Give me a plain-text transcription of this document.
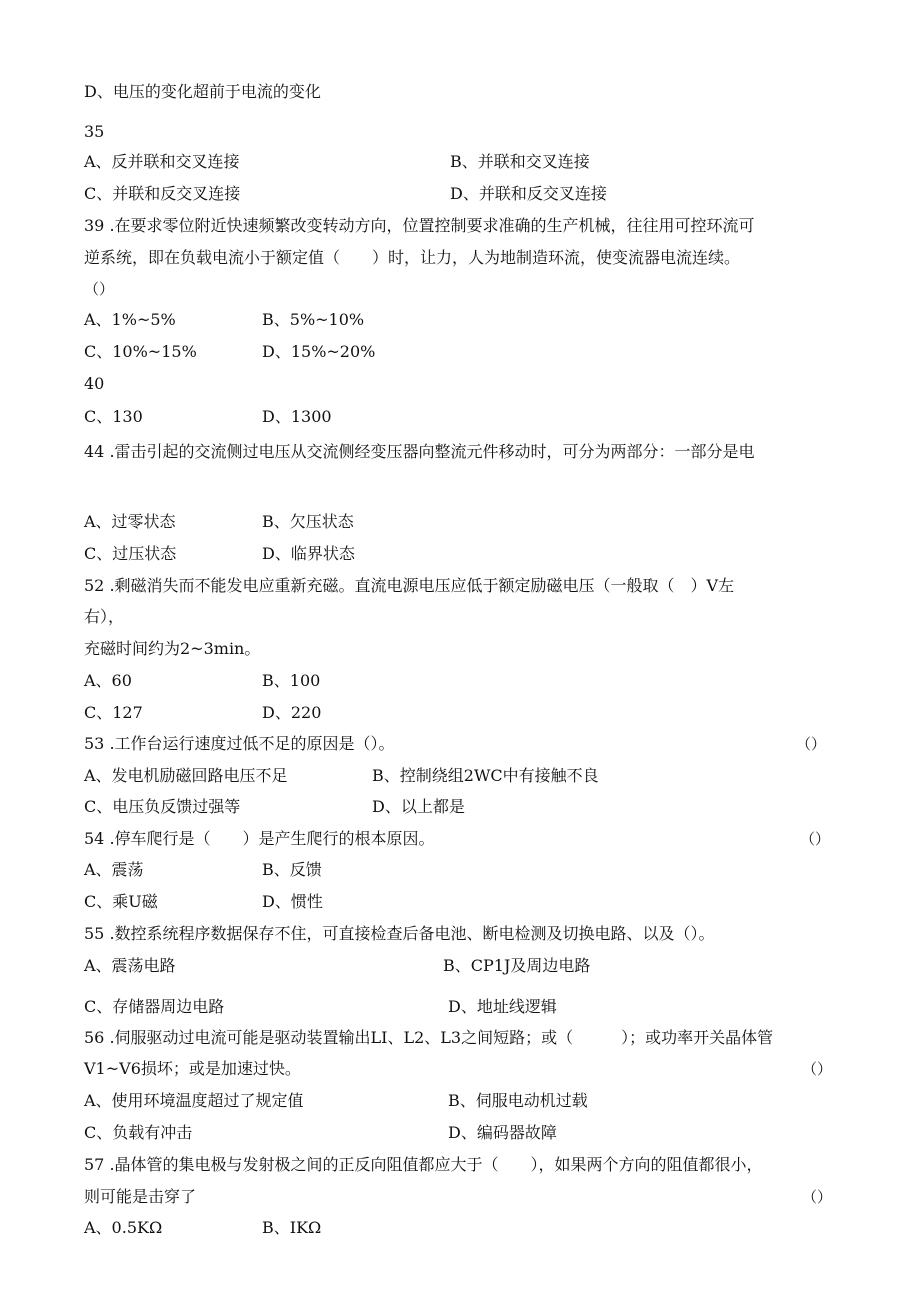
D、电压的变化超前于电流的变化
35
A、反并联和交叉连接	B、并联和交叉连接
C、并联和反交叉连接	D、并联和反交叉连接
39 .在要求零位附近快速频繁改变转动方向，位置控制要求准确的生产机械，往往用可控环流可
逆系统，即在负载电流小于额定值（　　）时，让力，人为地制造环流，使变流器电流连续。
（）
A、1%~5%	B、5%~10%
C、10%~15%	D、15%~20%
40
C、130	D、1300
44 .雷击引起的交流侧过电压从交流侧经变压器向整流元件移动时，可分为两部分：一部分是电
A、过零状态	B、欠压状态
C、过压状态	D、临界状态
52 .剩磁消失而不能发电应重新充磁。直流电源电压应低于额定励磁电压（一般取（　）V左
右），
充磁时间约为2~3min。
A、60	B、100
C、127	D、220
53 .工作台运行速度过低不足的原因是（）。	（）
A、发电机励磁回路电压不足	B、控制绕组2WC中有接触不良
C、电压负反馈过强等	D、以上都是
54 .停车爬行是（　　）是产生爬行的根本原因。	（）
A、震荡	B、反馈
C、乘U磁	D、惯性
55 .数控系统程序数据保存不住，可直接检查后备电池、断电检测及切换电路、以及（）。
A、震荡电路	B、CP1J及周边电路
C、存储器周边电路	D、地址线逻辑
56 .伺服驱动过电流可能是驱动装置输出LI、L2、L3之间短路；或（　　　）；或功率开关晶体管
V1~V6损坏；或是加速过快。	（）
A、使用环境温度超过了规定值	B、伺服电动机过载
C、负载有冲击	D、编码器故障
57 .晶体管的集电极与发射极之间的正反向阻值都应大于（　　），如果两个方向的阻值都很小，
则可能是击穿了	（）
A、0.5KΩ	B、IKΩ
